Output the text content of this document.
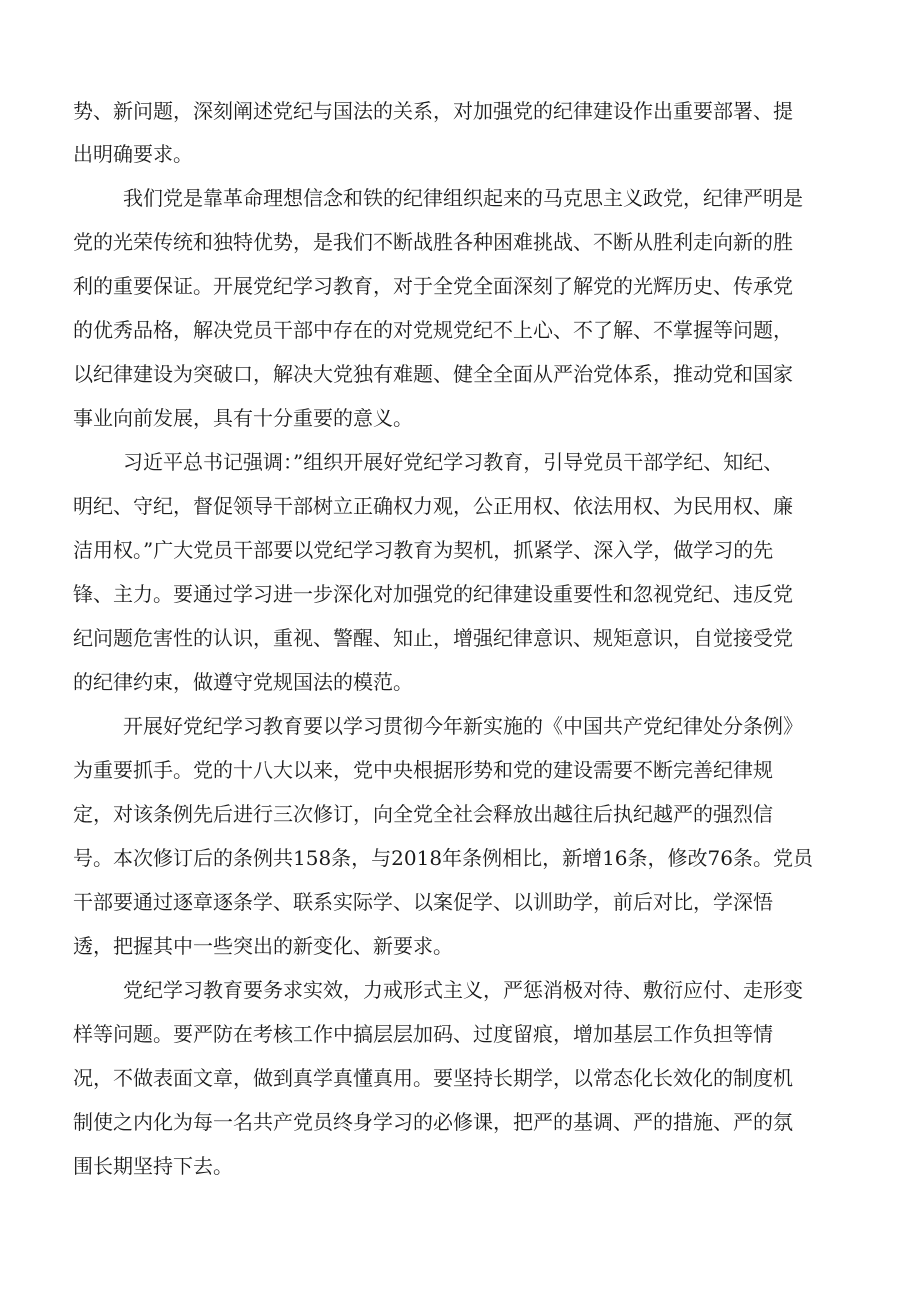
势、新问题，深刻阐述党纪与国法的关系，对加强党的纪律建设作出重要部署、提

出明确要求。

我们党是靠革命理想信念和铁的纪律组织起来的马克思主义政党，纪律严明是

党的光荣传统和独特优势，是我们不断战胜各种困难挑战、不断从胜利走向新的胜

利的重要保证。开展党纪学习教育，对于全党全面深刻了解党的光辉历史、传承党

的优秀品格，解决党员干部中存在的对党规党纪不上心、不了解、不掌握等问题，

以纪律建设为突破口，解决大党独有难题、健全全面从严治党体系，推动党和国家

事业向前发展，具有十分重要的意义。

习近平总书记强调：”组织开展好党纪学习教育，引导党员干部学纪、知纪、

明纪、守纪，督促领导干部树立正确权力观，公正用权、依法用权、为民用权、廉

洁用权。”广大党员干部要以党纪学习教育为契机，抓紧学、深入学，做学习的先

锋、主力。要通过学习进一步深化对加强党的纪律建设重要性和忽视党纪、违反党

纪问题危害性的认识，重视、警醒、知止，增强纪律意识、规矩意识，自觉接受党

的纪律约束，做遵守党规国法的模范。

开展好党纪学习教育要以学习贯彻今年新实施的《中国共产党纪律处分条例》

为重要抓手。党的十八大以来，党中央根据形势和党的建设需要不断完善纪律规

定，对该条例先后进行三次修订，向全党全社会释放出越往后执纪越严的强烈信

号。本次修订后的条例共158条，与2018年条例相比，新增16条，修改76条。党员

干部要通过逐章逐条学、联系实际学、以案促学、以训助学，前后对比，学深悟

透，把握其中一些突出的新变化、新要求。

党纪学习教育要务求实效，力戒形式主义，严惩消极对待、敷衍应付、走形变

样等问题。要严防在考核工作中搞层层加码、过度留痕，增加基层工作负担等情

况，不做表面文章，做到真学真懂真用。要坚持长期学，以常态化长效化的制度机

制使之内化为每一名共产党员终身学习的必修课，把严的基调、严的措施、严的氛

围长期坚持下去。
